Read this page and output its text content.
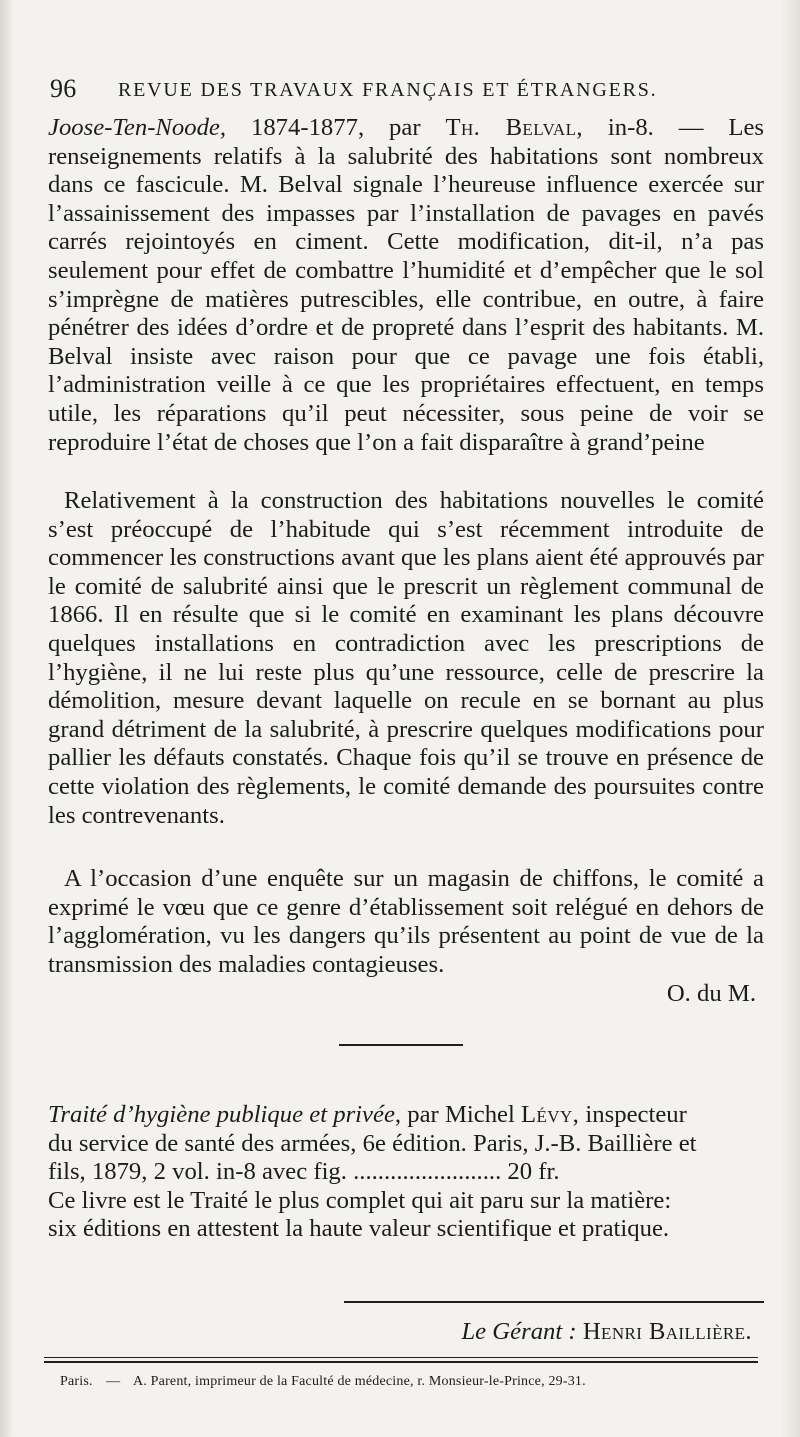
96 REVUE DES TRAVAUX FRANÇAIS ET ÉTRANGERS.

Joose-Ten-Noode, 1874-1877, par Th. Belval, in-8. — Les renseignements relatifs à la salubrité des habitations sont nombreux dans ce fascicule. M. Belval signale l’heureuse influence exercée sur l’assainissement des impasses par l’installation de pavages en pavés carrés rejointoyés en ciment. Cette modification, dit-il, n’a pas seulement pour effet de combattre l’humidité et d’empêcher que le sol s’imprègne de matières putrescibles, elle contribue, en outre, à faire pénétrer des idées d’ordre et de propreté dans l’esprit des habitants. M. Belval insiste avec raison pour que ce pavage une fois établi, l’administration veille à ce que les propriétaires effectuent, en temps utile, les réparations qu’il peut nécessiter, sous peine de voir se reproduire l’état de choses que l’on a fait disparaître à grand’peine

Relativement à la construction des habitations nouvelles le comité s’est préoccupé de l’habitude qui s’est récemment introduite de commencer les constructions avant que les plans aient été approuvés par le comité de salubrité ainsi que le prescrit un règlement communal de 1866. Il en résulte que si le comité en examinant les plans découvre quelques installations en contradiction avec les prescriptions de l’hygiène, il ne lui reste plus qu’une ressource, celle de prescrire la démolition, mesure devant laquelle on recule en se bornant au plus grand détriment de la salubrité, à prescrire quelques modifications pour pallier les défauts constatés. Chaque fois qu’il se trouve en présence de cette violation des règlements, le comité demande des poursuites contre les contrevenants.

A l’occasion d’une enquête sur un magasin de chiffons, le comité a exprimé le vœu que ce genre d’établissement soit relégué en dehors de l’agglomération, vu les dangers qu’ils présentent au point de vue de la transmission des maladies contagieuses.

O. du M.
Traité d’hygiène publique et privée, par Michel Lévy, inspecteur
du service de santé des armées, 6e édition. Paris, J.-B. Baillière et
fils, 1879, 2 vol. in-8 avec fig. ........................ 20 fr.
Ce livre est le Traité le plus complet qui ait paru sur la matière:
six éditions en attestent la haute valeur scientifique et pratique.
Le Gérant : Henri Baillière.
Paris. — A. Parent, imprimeur de la Faculté de médecine, r. Monsieur-le-Prince, 29-31.
